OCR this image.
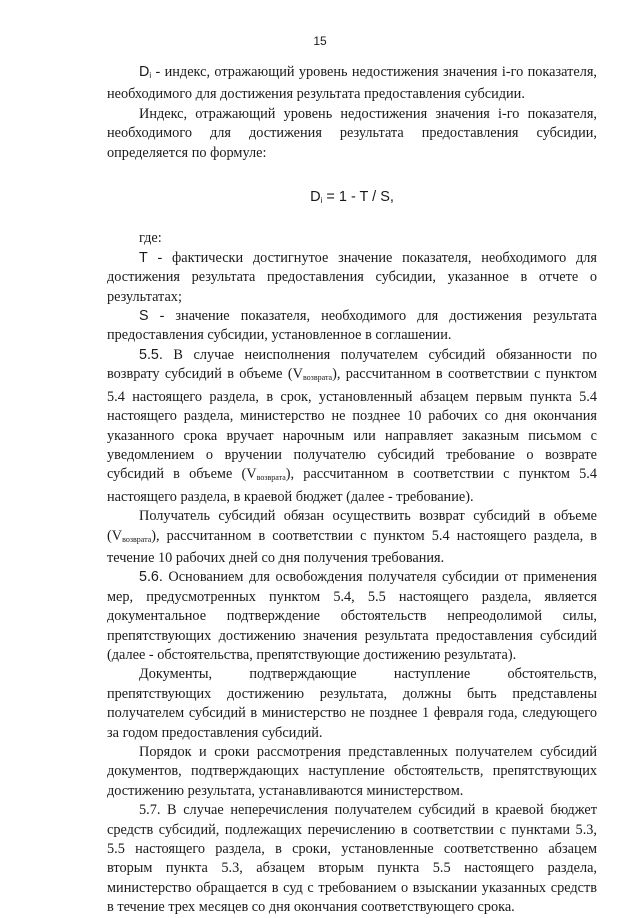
15

$D_i$ - индекс, отражающий уровень недостижения значения i-го показателя, необходимого для достижения результата предоставления субсидии.

Индекс, отражающий уровень недостижения значения i-го показателя, необходимого для достижения результата предоставления субсидии, определяется по формуле:

$D_i = 1 - T / S$,

где:

T - фактически достигнутое значение показателя, необходимого для достижения результата предоставления субсидии, указанное в отчете о результатах;

S - значение показателя, необходимого для достижения результата предоставления субсидии, установленное в соглашении.

5.5. В случае неисполнения получателем субсидий обязанности по возврату субсидий в объеме $(V_{возврата})$, рассчитанном в соответствии с пунктом 5.4 настоящего раздела, в срок, установленный абзацем первым пункта 5.4 настоящего раздела, министерство не позднее 10 рабочих со дня окончания указанного срока вручает нарочным или направляет заказным письмом с уведомлением о вручении получателю субсидий требование о возврате субсидий в объеме $(V_{возврата})$, рассчитанном в соответствии с пунктом 5.4 настоящего раздела, в краевой бюджет (далее - требование).

Получатель субсидий обязан осуществить возврат субсидий в объеме $(V_{возврата})$, рассчитанном в соответствии с пунктом 5.4 настоящего раздела, в течение 10 рабочих дней со дня получения требования.

5.6. Основанием для освобождения получателя субсидии от применения мер, предусмотренных пунктом 5.4, 5.5 настоящего раздела, является документальное подтверждение обстоятельств непреодолимой силы, препятствующих достижению значения результата предоставления субсидий (далее - обстоятельства, препятствующие достижению результата).

Документы, подтверждающие наступление обстоятельств, препятствующих достижению результата, должны быть представлены получателем субсидий в министерство не позднее 1 февраля года, следующего за годом предоставления субсидий.

Порядок и сроки рассмотрения представленных получателем субсидий документов, подтверждающих наступление обстоятельств, препятствующих достижению результата, устанавливаются министерством.

5.7. В случае неперечисления получателем субсидий в краевой бюджет средств субсидий, подлежащих перечислению в соответствии с пунктами 5.3, 5.5 настоящего раздела, в сроки, установленные соответственно абзацем вторым пункта 5.3, абзацем вторым пункта 5.5 настоящего раздела, министерство обращается в суд с требованием о взыскании указанных средств в течение трех месяцев со дня окончания соответствующего срока.
